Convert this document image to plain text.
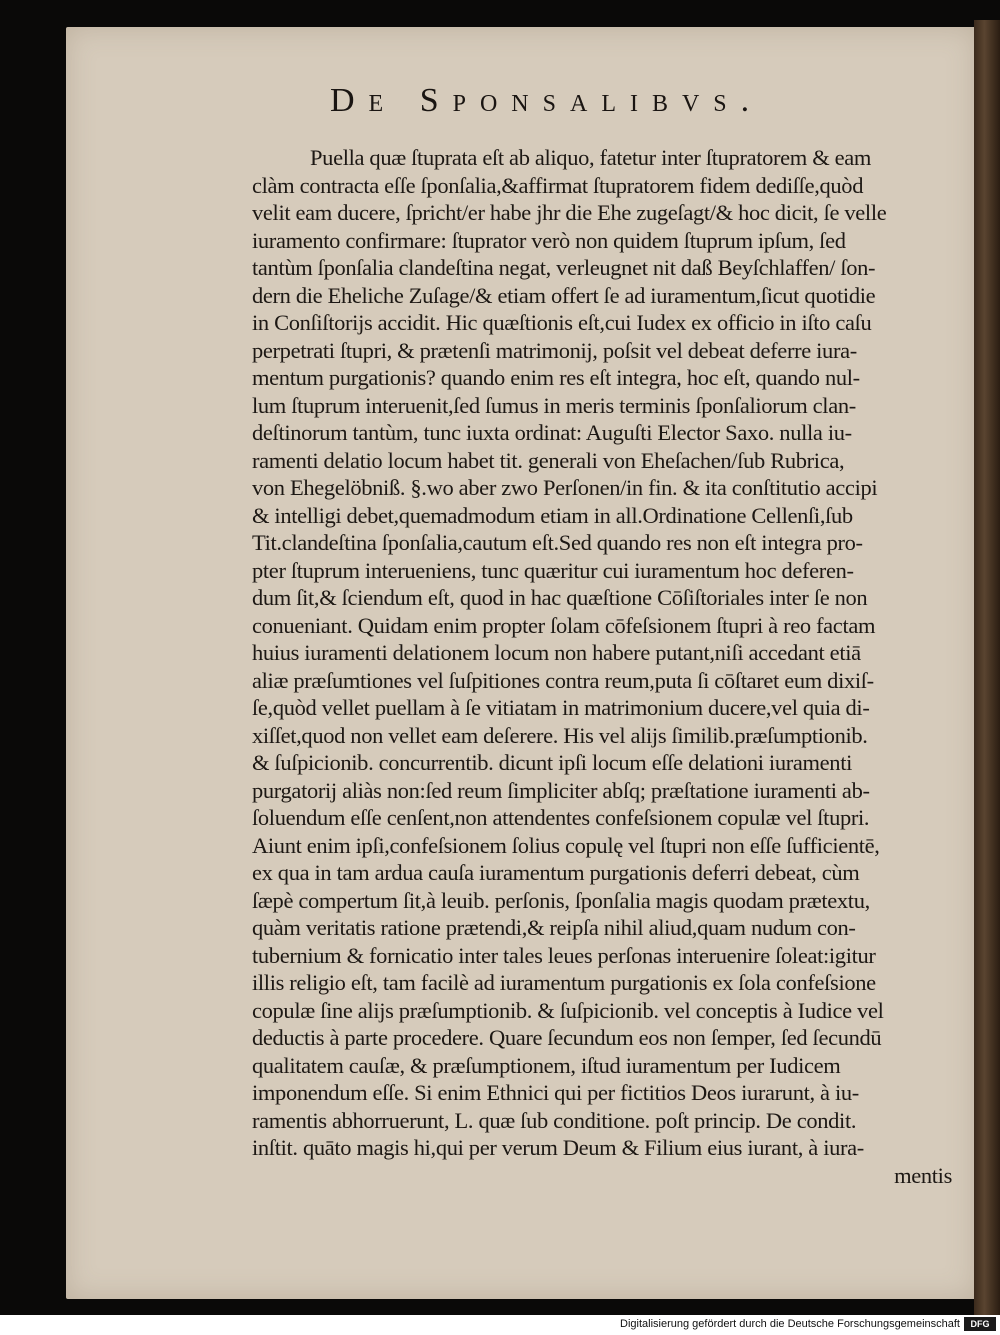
De Sponsalibvs.
Puella quæ ſtuprata eſt ab aliquo, fatetur inter ſtupratorem & eam
clàm contracta eſſe ſponſalia,&affirmat ſtupratorem fidem dediſſe,quòd
velit eam ducere, ſpricht/er habe jhr die Ehe zugeſagt/& hoc dicit, ſe velle
iuramento confirmare: ſtuprator verò non quidem ſtuprum ipſum, ſed
tantùm ſponſalia clandeſtina negat, verleugnet nit daß Beyſchlaffen/ ſon-
dern die Eheliche Zuſage/& etiam offert ſe ad iuramentum,ſicut quotidie
in Conſiſtorijs accidit. Hic quæſtionis eſt,cui Iudex ex officio in iſto caſu
perpetrati ſtupri, & prætenſi matrimonij, poſsit vel debeat deferre iura-
mentum purgationis? quando enim res eſt integra, hoc eſt, quando nul-
lum ſtuprum interuenit,ſed ſumus in meris terminis ſponſaliorum clan-
deſtinorum tantùm, tunc iuxta ordinat: Auguſti Elector Saxo. nulla iu-
ramenti delatio locum habet tit. generali von Eheſachen/ſub Rubrica,
von Ehegelöbniß. §.wo aber zwo Perſonen/in fin. & ita conſtitutio accipi
& intelligi debet,quemadmodum etiam in all.Ordinatione Cellenſi,ſub
Tit.clandeſtina ſponſalia,cautum eſt.Sed quando res non eſt integra pro-
pter ſtuprum interueniens, tunc quæritur cui iuramentum hoc deferen-
dum ſit,& ſciendum eſt, quod in hac quæſtione Cōſiſtoriales inter ſe non
conueniant. Quidam enim propter ſolam cōfeſsionem ſtupri à reo factam
huius iuramenti delationem locum non habere putant,niſi accedant etiā
aliæ præſumtiones vel ſuſpitiones contra reum,puta ſi cōſtaret eum dixiſ-
ſe,quòd vellet puellam à ſe vitiatam in matrimonium ducere,vel quia di-
xiſſet,quod non vellet eam deſerere. His vel alijs ſimilib.præſumptionib.
& ſuſpicionib. concurrentib. dicunt ipſi locum eſſe delationi iuramenti
purgatorij aliàs non:ſed reum ſimpliciter abſq; præſtatione iuramenti ab-
ſoluendum eſſe cenſent,non attendentes confeſsionem copulæ vel ſtupri.
Aiunt enim ipſi,confeſsionem ſolius copulę vel ſtupri non eſſe ſufficientē,
ex qua in tam ardua cauſa iuramentum purgationis deferri debeat, cùm
ſæpè compertum ſit,à leuib. perſonis, ſponſalia magis quodam prætextu,
quàm veritatis ratione prætendi,& reipſa nihil aliud,quam nudum con-
tubernium & fornicatio inter tales leues perſonas interuenire ſoleat:igitur
illis religio eſt, tam facilè ad iuramentum purgationis ex ſola confeſsione
copulæ ſine alijs præſumptionib. & ſuſpicionib. vel conceptis à Iudice vel
deductis à parte procedere. Quare ſecundum eos non ſemper, ſed ſecundū
qualitatem cauſæ, & præſumptionem, iſtud iuramentum per Iudicem
imponendum eſſe. Si enim Ethnici qui per fictitios Deos iurarunt, à iu-
ramentis abhorruerunt, L. quæ ſub conditione. poſt princip. De condit.
inſtit. quāto magis hi,qui per verum Deum & Filium eius iurant, à iura-
mentis
Digitalisierung gefördert durch die Deutsche Forschungsgemeinschaft	DFG
